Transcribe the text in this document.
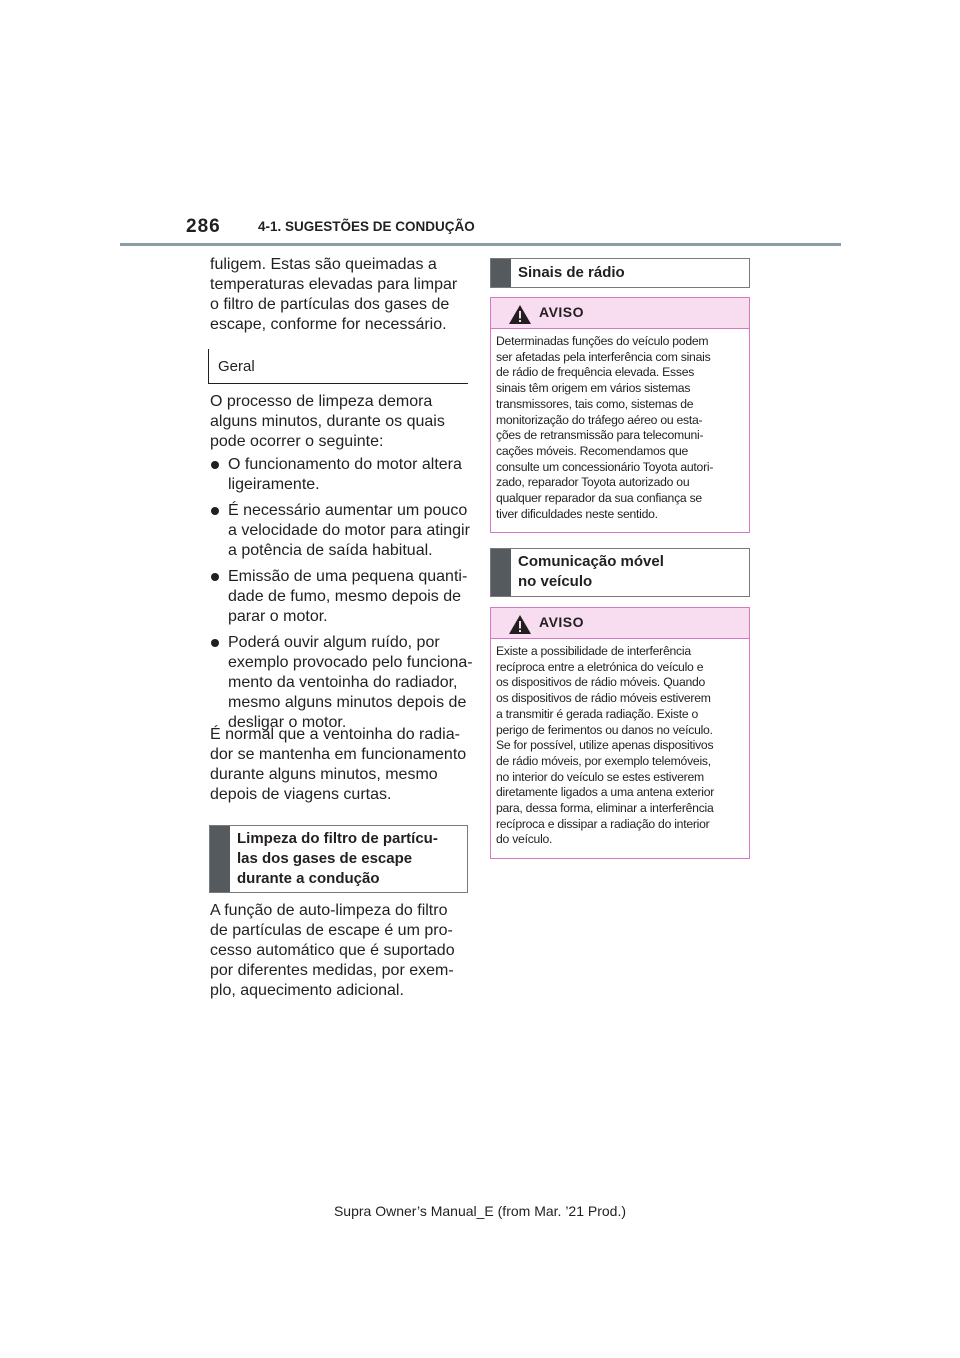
286	4-1. SUGESTÕES DE CONDUÇÃO
fuligem. Estas são queimadas a
temperaturas elevadas para limpar
o filtro de partículas dos gases de
escape, conforme for necessário.
Geral
O processo de limpeza demora
alguns minutos, durante os quais
pode ocorrer o seguinte:
O funcionamento do motor altera
ligeiramente.
É necessário aumentar um pouco
a velocidade do motor para atingir
a potência de saída habitual.
Emissão de uma pequena quanti-
dade de fumo, mesmo depois de
parar o motor.
Poderá ouvir algum ruído, por
exemplo provocado pelo funciona-
mento da ventoinha do radiador,
mesmo alguns minutos depois de
desligar o motor.
É normal que a ventoinha do radia-
dor se mantenha em funcionamento
durante alguns minutos, mesmo
depois de viagens curtas.
Limpeza do filtro de partícu-
las dos gases de escape
durante a condução
A função de auto-limpeza do filtro
de partículas de escape é um pro-
cesso automático que é suportado
por diferentes medidas, por exem-
plo, aquecimento adicional.
Sinais de rádio
AVISO
Determinadas funções do veículo podem
ser afetadas pela interferência com sinais
de rádio de frequência elevada. Esses
sinais têm origem em vários sistemas
transmissores, tais como, sistemas de
monitorização do tráfego aéreo ou esta-
ções de retransmissão para telecomuni-
cações móveis. Recomendamos que
consulte um concessionário Toyota autori-
zado, reparador Toyota autorizado ou
qualquer reparador da sua confiança se
tiver dificuldades neste sentido.
Comunicação móvel
no veículo
AVISO
Existe a possibilidade de interferência
recíproca entre a eletrónica do veículo e
os dispositivos de rádio móveis. Quando
os dispositivos de rádio móveis estiverem
a transmitir é gerada radiação. Existe o
perigo de ferimentos ou danos no veículo.
Se for possível, utilize apenas dispositivos
de rádio móveis, por exemplo telemóveis,
no interior do veículo se estes estiverem
diretamente ligados a uma antena exterior
para, dessa forma, eliminar a interferência
recíproca e dissipar a radiação do interior
do veículo.
Supra Owner’s Manual_E (from Mar. ’21 Prod.)
